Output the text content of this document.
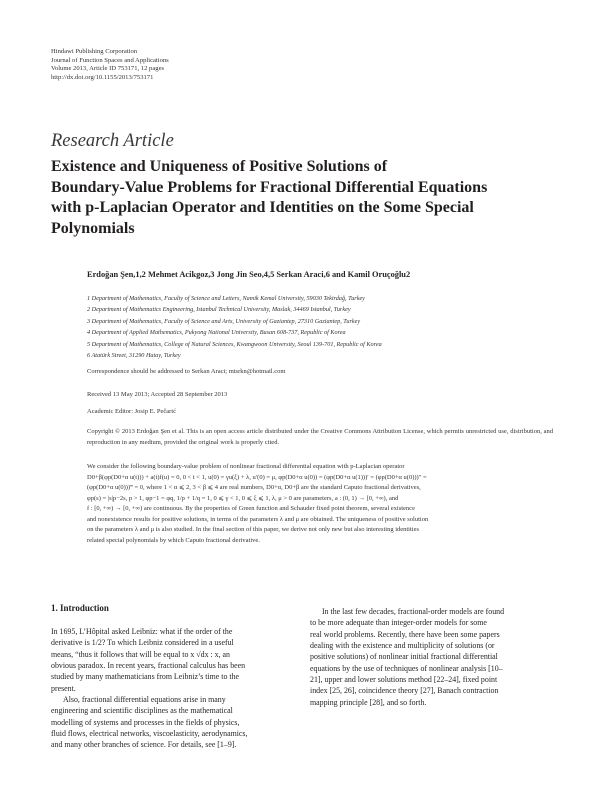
Hindawi Publishing Corporation
Journal of Function Spaces and Applications
Volume 2013, Article ID 753171, 12 pages
http://dx.doi.org/10.1155/2013/753171
Research Article
Existence and Uniqueness of Positive Solutions of
Boundary-Value Problems for Fractional Differential Equations
with p-Laplacian Operator and Identities on the Some Special
Polynomials
Erdoğan Şen,1,2 Mehmet Acikgoz,3 Jong Jin Seo,4,5 Serkan Araci,6 and Kamil Oruçoğlu2
1 Department of Mathematics, Faculty of Science and Letters, Namik Kemal University, 59030 Tekirdağ, Turkey
2 Department of Mathematics Engineering, Istanbul Technical University, Maslak, 34469 Istanbul, Turkey
3 Department of Mathematics, Faculty of Science and Arts, University of Gaziantep, 27310 Gaziantep, Turkey
4 Department of Applied Mathematics, Pukyong National University, Busan 608-737, Republic of Korea
5 Department of Mathematics, College of Natural Sciences, Kwangwoon University, Seoul 139-701, Republic of Korea
6 Atatürk Street, 31290 Hatay, Turkey
Correspondence should be addressed to Serkan Araci; mtsrkn@hotmail.com
Received 13 May 2013; Accepted 28 September 2013
Academic Editor: Josip E. Pečarić
Copyright © 2013 Erdoğan Şen et al. This is an open access article distributed under the Creative Commons Attribution License, which permits unrestricted use, distribution, and reproduction in any medium, provided the original work is properly cited.
We consider the following boundary-value problem of nonlinear fractional differential equation with p-Laplacian operator
D0+β(φp(D0+α u(t))) + a(t)f(u) = 0, 0 < t < 1, u(0) = γu(ξ) + λ, u′(0) = μ, φp(D0+α u(0)) = (φp(D0+α u(1)))′ = (φp(D0+α u(0)))″ =
(φp(D0+α u(0)))‴ = 0, where 1 < α ⩽ 2, 3 < β ⩽ 4 are real numbers, D0+α, D0+β are the standard Caputo fractional derivatives,
φp(s) = |s|p−2s, p > 1, φp−1 = φq, 1/p + 1/q = 1, 0 ⩽ γ < 1, 0 ⩽ ξ ⩽ 1, λ, μ > 0 are parameters, a : (0, 1) → [0, +∞), and
f : [0, +∞) → [0, +∞) are continuous. By the properties of Green function and Schauder fixed point theorem, several existence
and nonexistence results for positive solutions, in terms of the parameters λ and μ are obtained. The uniqueness of positive solution
on the parameters λ and μ is also studied. In the final section of this paper, we derive not only new but also interesting identities
related special polynomials by which Caputo fractional derivative.
1. Introduction
In 1695, L’Hôpital asked Leibniz: what if the order of the
derivative is 1/2? To which Leibniz considered in a useful
means, “thus it follows that will be equal to x √dx : x, an
obvious paradox. In recent years, fractional calculus has been
studied by many mathematicians from Leibniz’s time to the
present.
Also, fractional differential equations arise in many
engineering and scientific disciplines as the mathematical
modelling of systems and processes in the fields of physics,
fluid flows, electrical networks, viscoelasticity, aerodynamics,
and many other branches of science. For details, see [1–9].
In the last few decades, fractional-order models are found
to be more adequate than integer-order models for some
real world problems. Recently, there have been some papers
dealing with the existence and multiplicity of solutions (or
positive solutions) of nonlinear initial fractional differential
equations by the use of techniques of nonlinear analysis [10–
21], upper and lower solutions method [22–24], fixed point
index [25, 26], coincidence theory [27], Banach contraction
mapping principle [28], and so forth.
